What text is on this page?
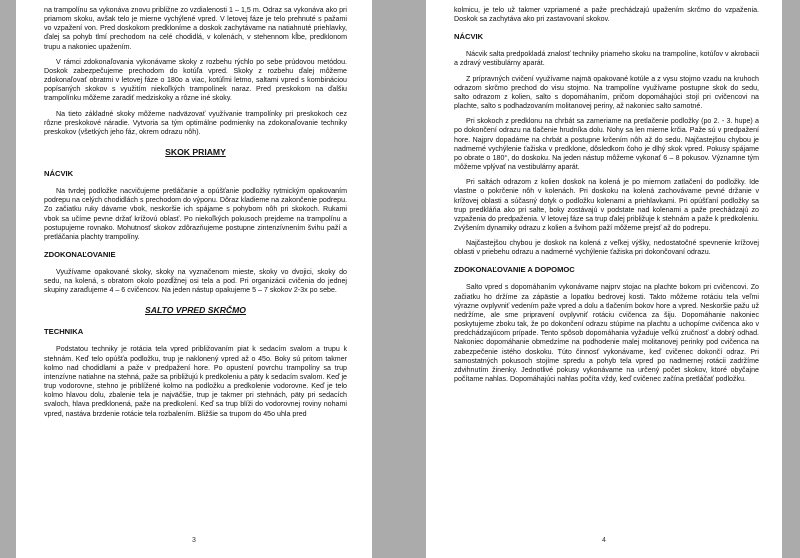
na trampolínu sa vykonáva znovu približne zo vzdialenosti 1 – 1,5 m. Odraz sa vykonáva ako pri priamom skoku, avšak telo je mierne vychýlené vpred. V letovej fáze je telo prehnuté s pažami vo vzpažení von. Pred doskokom predkloníme a doskok zachytávame na natiahnuté priehlavky, ďalej sa pohyb tlmí prechodom na celé chodidlá, v kolenách, v stehennom kĺbe, predklonom trupu a nakoniec upažením.

V rámci zdokonaľovania vykonávame skoky z rozbehu rýchlo po sebe prúdovou metódou. Doskok zabezpečujeme prechodom do kotúľa vpred. Skoky z rozbehu ďalej môžeme zdokonaľovať obratmi v letovej fáze o 180o a viac, kotúľmi letmo, saltami vpred s kombináciou popísaných skokov s využitím niekoľkých trampolínek naraz. Pred preskokom na ďalšiu trampolínku môžeme zaradiť medziskoky a rôzne iné skoky.

Na tieto základné skoky môžeme nadväzovať využívanie trampolínky pri preskokoch cez rôzne preskokové náradie. Vytvoria sa tým optimálne podmienky na zdokonaľovanie techniky preskokov (všetkých jeho fáz, okrem odrazu nôh).

SKOK PRIAMY
NÁCVIK

Na tvrdej podložke nacvičujeme pretláčanie a opúšťanie podložky rytmickým opakovaním podrepu na celých chodidlách s prechodom do výponu. Dôraz kladieme na zakončenie podrepu. Zo začiatku ruky dávame vbok, neskoršie ich spájame s pohybom nôh pri skokoch. Rukami vbok sa učíme pevne držať krížovú oblasť. Po niekoľkých pokusoch prejdeme na trampolínu a postupujeme rovnako. Mohutnosť skokov zdôrazňujeme postupne zintenzívnením švihu paží a pretláčania plachty trampolíny.

ZDOKONAĽOVANIE

Využívame opakované skoky, skoky na vyznačenom mieste, skoky vo dvojici, skoky do sedu, na kolená, s obratom okolo pozdĺžnej osi tela a pod. Pri organizácii cvičenia do jednej skupiny zaraďujeme 4 – 6 cvičencov. Na jeden nástup opakujeme 5 – 7 skokov 2-3x po sebe.

SALTO VPRED SKRČMO
TECHNIKA

Podstatou techniky je rotácia tela vpred približovaním piat k sedacím svalom a trupu k stehnám. Keď telo opúšťa podložku, trup je naklonený vpred až o 45o. Boky sú pritom takmer kolmo nad chodidlami a paže v predpažení hore. Po opustení povrchu trampolíny sa trup intenzívne natiahne na stehná, paže sa približujú k predkoleniu a päty k sedacím svalom. Keď je trup vodorovne, stehno je priblížené kolmo na podložku a predkolenie vodorovne. Keď je telo kolmo hlavou dolu, zbalenie tela je najväčšie, trup je takmer pri stehnách, päty pri sedacích svaloch, hlava predklonená, paže na predkolení. Keď sa trup blíži do vodorovnej roviny nohami vpred, nastáva brzdenie rotácie tela rozbalením. Bližšie sa trupom do 45o uhla pred

3

kolmicu, je telo už takmer vzpriamené a paže prechádzajú upažením skrčmo do vzpaženia. Doskok sa zachytáva ako pri zastavovaní skokov.

NÁCVIK

Nácvik salta predpokladá znalosť techniky priameho skoku na trampolíne, kotúľov v akrobacii a zdravý vestibulárny aparát.

Z prípravných cvičení využívame najmä opakované kotúle a z vysu stojmo vzadu na kruhoch odrazom skrčmo prechod do visu stojmo. Na trampolíne využívame postupne skok do sedu, salto odrazom z kolien, salto s dopomáhaním, pričom dopomáhajúci stojí pri cvičencovi na plachte, salto s podhadzovaním molitanovej periny, až nakoniec salto samotné.

Pri skokoch z predklonu na chrbát sa zameriame na pretlačenie podložky (po 2. - 3. hupe) a po dokončení odrazu na tlačenie hrudníka dolu. Nohy sa len mierne krčia. Paže sú v predpažení hore. Najprv dopadáme na chrbát a postupne krčením nôh až do sedu. Najčastejšou chybou je nadmerné vychýlenie ťažiska v predklone, dôsledkom čoho je dlhý skok vpred. Pokusy spájame po obrate o 180°, do doskoku. Na jeden nástup môžeme vykonať 6 – 8 pokusov. Významne tým môžeme vplývať na vestibulárny aparát.

Pri saltách odrazom z kolien doskok na kolená je po miernom zatlačení do podložky. Ide vlastne o pokrčenie nôh v kolenách. Pri doskoku na kolená zachovávame pevné držanie v krížovej oblasti a súčasný dotyk o podložku kolenami a priehlavkami. Pri opúšťaní podložky sa trup predkláňa ako pri salte, boky zostávajú v podstate nad kolenami a paže prechádzajú zo vzpaženia do predpaženia. V letovej fáze sa trup ďalej približuje k stehnám a paže k predkoleniu. Zvýšením dynamiky odrazu z kolien a švihom paží môžeme prejsť až do podrepu.

Najčastejšou chybou je doskok na kolená z veľkej výšky, nedostatočné spevnenie krížovej oblasti v priebehu odrazu a nadmerné vychýlenie ťažiska pri dokončovaní odrazu.

ZDOKONAĽOVANIE A DOPOMOC

Salto vpred s dopomáhaním vykonávame najprv stojac na plachte bokom pri cvičencovi. Zo začiatku ho držíme za zápästie a lopatku bedrovej kosti. Takto môžeme rotáciu tela veľmi výrazne ovplyvniť vedením paže vpred a dolu a tlačením bokov hore a vpred. Neskoršie pažu už nedržíme, ale sme pripravení ovplyvniť rotáciu cvičenca za šiju. Dopomáhanie nakoniec poskytujeme zboku tak, že po dokončení odrazu stúpime na plachtu a uchopíme cvičenca ako v predchádzajúcom prípade. Tento spôsob dopomáhania vyžaduje veľkú zručnosť a dobrý odhad. Nakoniec dopomáhanie obmedzíme na podhodenie malej molitanovej perinky pod cvičenca na zabezpečenie istého doskoku. Túto činnosť vykonávame, keď cvičenec dokončí odraz. Pri samostatných pokusoch stojíme spredu a pohyb tela vpred po nadmernej rotácii zadržíme zdvihnutím žinenky. Jednotlivé pokusy vykonávame na určený počet skokov, ktoré obyčajne počítame nahlas. Dopomáhajúci nahlas počíta vždy, keď cvičenec začína pretláčať podložku.

4
